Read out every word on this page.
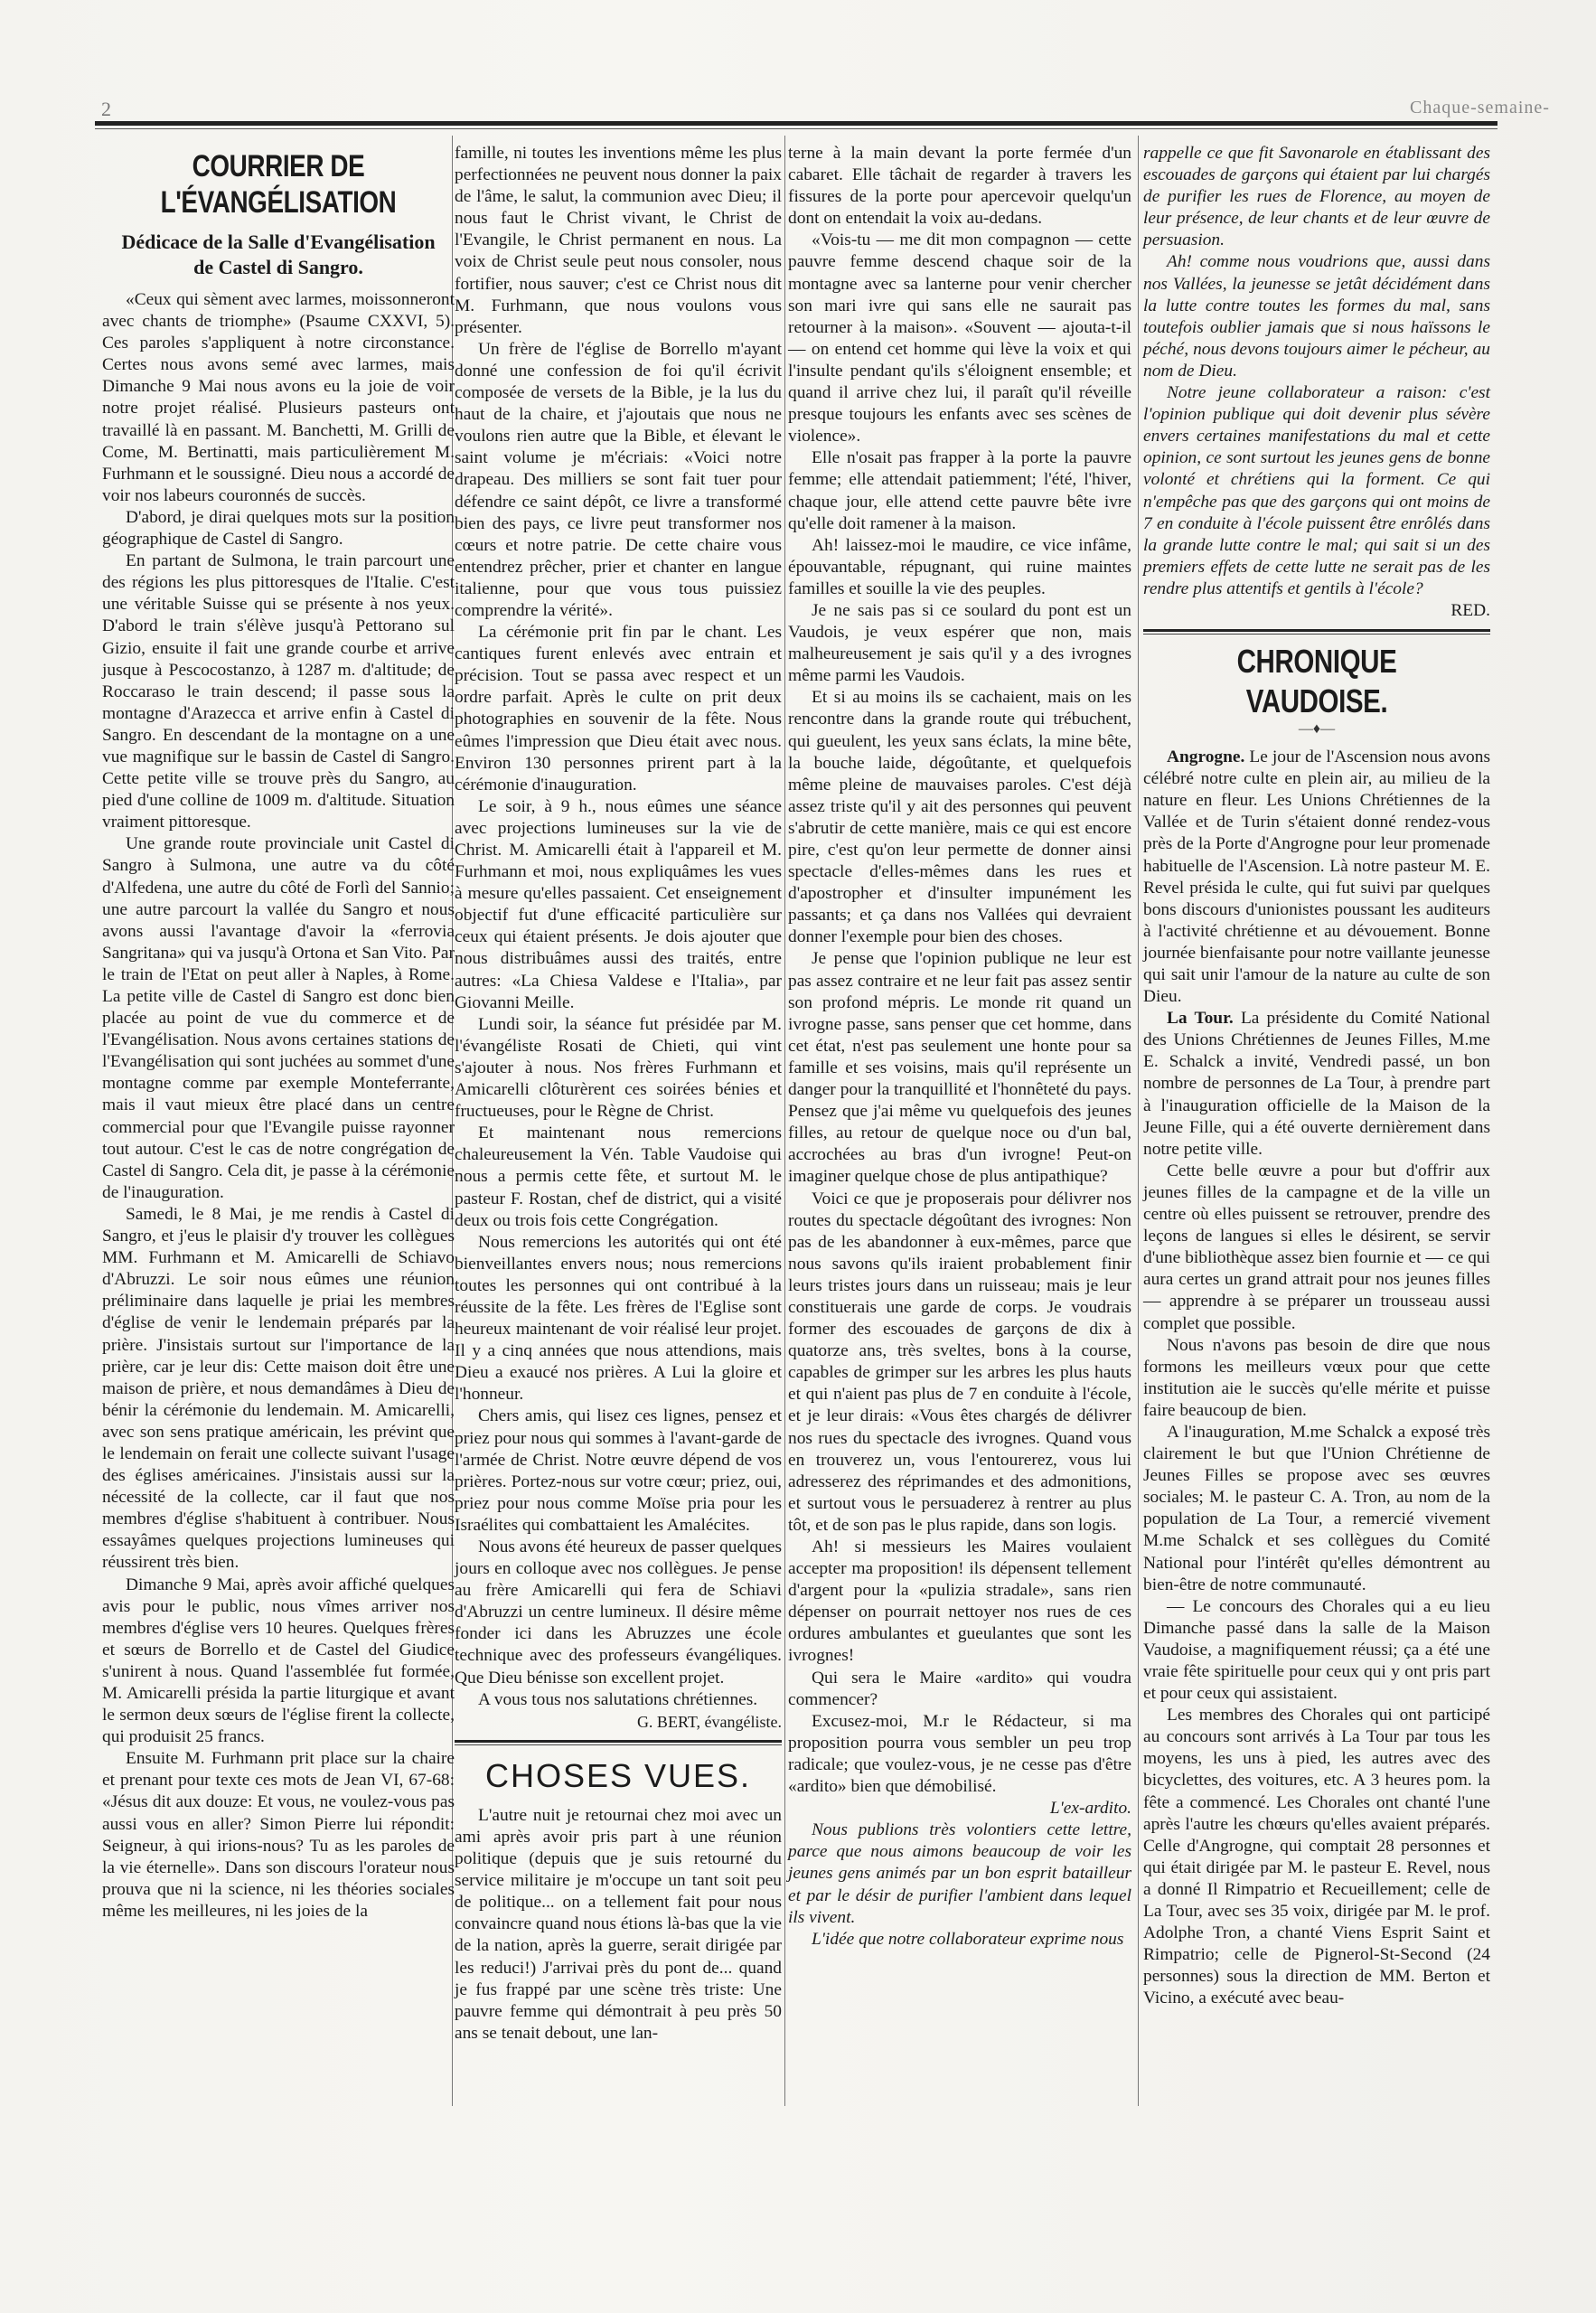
2	Chaque-semaine-
COURRIER DE L'ÉVANGÉLISATION
Dédicace de la Salle d'Evangélisation
de Castel di Sangro.

«Ceux qui sèment avec larmes, moissonneront avec chants de triomphe» (Psaume CXXVI, 5). Ces paroles s'appliquent à notre circonstance. Certes nous avons semé avec larmes, mais Dimanche 9 Mai nous avons eu la joie de voir notre projet réalisé. Plusieurs pasteurs ont travaillé là en passant. M. Banchetti, M. Grilli de Come, M. Bertinatti, mais particulièrement M. Furhmann et le soussigné. Dieu nous a accordé de voir nos labeurs couronnés de succès.

D'abord, je dirai quelques mots sur la position géographique de Castel di Sangro.

En partant de Sulmona, le train parcourt une des régions les plus pittoresques de l'Italie. C'est une véritable Suisse qui se présente à nos yeux. D'abord le train s'élève jusqu'à Pettorano sul Gizio, ensuite il fait une grande courbe et arrive jusque à Pescocostanzo, à 1287 m. d'altitude; de Roccaraso le train descend; il passe sous la montagne d'Arazecca et arrive enfin à Castel di Sangro. En descendant de la montagne on a une vue magnifique sur le bassin de Castel di Sangro. Cette petite ville se trouve près du Sangro, au pied d'une colline de 1009 m. d'altitude. Situation vraiment pittoresque.

Une grande route provinciale unit Castel di Sangro à Sulmona, une autre va du côté d'Alfedena, une autre du côté de Forlì del Sannio; une autre parcourt la vallée du Sangro et nous avons aussi l'avantage d'avoir la «ferrovia Sangritana» qui va jusqu'à Ortona et San Vito. Par le train de l'Etat on peut aller à Naples, à Rome. La petite ville de Castel di Sangro est donc bien placée au point de vue du commerce et de l'Evangélisation. Nous avons certaines stations de l'Evangélisation qui sont juchées au sommet d'une montagne comme par exemple Monteferrante, mais il vaut mieux être placé dans un centre commercial pour que l'Evangile puisse rayonner tout autour. C'est le cas de notre congrégation de Castel di Sangro. Cela dit, je passe à la cérémonie de l'inauguration.

Samedi, le 8 Mai, je me rendis à Castel di Sangro, et j'eus le plaisir d'y trouver les collègues MM. Furhmann et M. Amicarelli de Schiavo d'Abruzzi. Le soir nous eûmes une réunion préliminaire dans laquelle je priai les membres d'église de venir le lendemain préparés par la prière. J'insistais surtout sur l'importance de la prière, car je leur dis: Cette maison doit être une maison de prière, et nous demandâmes à Dieu de bénir la cérémonie du lendemain. M. Amicarelli, avec son sens pratique américain, les prévint que le lendemain on ferait une collecte suivant l'usage des églises américaines. J'insistais aussi sur la nécessité de la collecte, car il faut que nos membres d'église s'habituent à contribuer. Nous essayâmes quelques projections lumineuses qui réussirent très bien.

Dimanche 9 Mai, après avoir affiché quelques avis pour le public, nous vîmes arriver nos membres d'église vers 10 heures. Quelques frères et sœurs de Borrello et de Castel del Giudice s'unirent à nous. Quand l'assemblée fut formée, M. Amicarelli présida la partie liturgique et avant le sermon deux sœurs de l'église firent la collecte, qui produisit 25 francs.

Ensuite M. Furhmann prit place sur la chaire et prenant pour texte ces mots de Jean VI, 67-68: «Jésus dit aux douze: Et vous, ne voulez-vous pas aussi vous en aller? Simon Pierre lui répondit: Seigneur, à qui irions-nous? Tu as les paroles de la vie éternelle». Dans son discours l'orateur nous prouva que ni la science, ni les théories sociales même les meilleures, ni les joies de la

famille, ni toutes les inventions même les plus perfectionnées ne peuvent nous donner la paix de l'âme, le salut, la communion avec Dieu; il nous faut le Christ vivant, le Christ de l'Evangile, le Christ permanent en nous. La voix de Christ seule peut nous consoler, nous fortifier, nous sauver; c'est ce Christ nous dit M. Furhmann, que nous voulons vous présenter.

Un frère de l'église de Borrello m'ayant donné une confession de foi qu'il écrivit composée de versets de la Bible, je la lus du haut de la chaire, et j'ajoutais que nous ne voulons rien autre que la Bible, et élevant le saint volume je m'écriais: «Voici notre drapeau. Des milliers se sont fait tuer pour défendre ce saint dépôt, ce livre a transformé bien des pays, ce livre peut transformer nos cœurs et notre patrie. De cette chaire vous entendrez prêcher, prier et chanter en langue italienne, pour que vous tous puissiez comprendre la vérité».

La cérémonie prit fin par le chant. Les cantiques furent enlevés avec entrain et précision. Tout se passa avec respect et un ordre parfait. Après le culte on prit deux photographies en souvenir de la fête. Nous eûmes l'impression que Dieu était avec nous. Environ 130 personnes prirent part à la cérémonie d'inauguration.

Le soir, à 9 h., nous eûmes une séance avec projections lumineuses sur la vie de Christ. M. Amicarelli était à l'appareil et M. Furhmann et moi, nous expliquâmes les vues à mesure qu'elles passaient. Cet enseignement objectif fut d'une efficacité particulière sur ceux qui étaient présents. Je dois ajouter que nous distribuâmes aussi des traités, entre autres: «La Chiesa Valdese e l'Italia», par Giovanni Meille.

Lundi soir, la séance fut présidée par M. l'évangéliste Rosati de Chieti, qui vint s'ajouter à nous. Nos frères Furhmann et Amicarelli clôturèrent ces soirées bénies et fructueuses, pour le Règne de Christ.

Et maintenant nous remercions chaleureusement la Vén. Table Vaudoise qui nous a permis cette fête, et surtout M. le pasteur F. Rostan, chef de district, qui a visité deux ou trois fois cette Congrégation.

Nous remercions les autorités qui ont été bienveillantes envers nous; nous remercions toutes les personnes qui ont contribué à la réussite de la fête. Les frères de l'Eglise sont heureux maintenant de voir réalisé leur projet. Il y a cinq années que nous attendions, mais Dieu a exaucé nos prières. A Lui la gloire et l'honneur.

Chers amis, qui lisez ces lignes, pensez et priez pour nous qui sommes à l'avant-garde de l'armée de Christ. Notre œuvre dépend de vos prières. Portez-nous sur votre cœur; priez, oui, priez pour nous comme Moïse pria pour les Israélites qui combattaient les Amalécites.

Nous avons été heureux de passer quelques jours en colloque avec nos collègues. Je pense au frère Amicarelli qui fera de Schiavi d'Abruzzi un centre lumineux. Il désire même fonder ici dans les Abruzzes une école technique avec des professeurs évangéliques. Que Dieu bénisse son excellent projet.

A vous tous nos salutations chrétiennes.

G. BERT, évangéliste.

CHOSES VUES.

L'autre nuit je retournai chez moi avec un ami après avoir pris part à une réunion politique (depuis que je suis retourné du service militaire je m'occupe un tant soit peu de politique... on a tellement fait pour nous convaincre quand nous étions là-bas que la vie de la nation, après la guerre, serait dirigée par les reduci!) J'arrivai près du pont de... quand je fus frappé par une scène très triste: Une pauvre femme qui démontrait à peu près 50 ans se tenait debout, une lan-

terne à la main devant la porte fermée d'un cabaret. Elle tâchait de regarder à travers les fissures de la porte pour apercevoir quelqu'un dont on entendait la voix au-dedans.

«Vois-tu — me dit mon compagnon — cette pauvre femme descend chaque soir de la montagne avec sa lanterne pour venir chercher son mari ivre qui sans elle ne saurait pas retourner à la maison». «Souvent — ajouta-t-il — on entend cet homme qui lève la voix et qui l'insulte pendant qu'ils s'éloignent ensemble; et quand il arrive chez lui, il paraît qu'il réveille presque toujours les enfants avec ses scènes de violence».

Elle n'osait pas frapper à la porte la pauvre femme; elle attendait patiemment; l'été, l'hiver, chaque jour, elle attend cette pauvre bête ivre qu'elle doit ramener à la maison.

Ah! laissez-moi le maudire, ce vice infâme, épouvantable, répugnant, qui ruine maintes familles et souille la vie des peuples.

Je ne sais pas si ce soulard du pont est un Vaudois, je veux espérer que non, mais malheureusement je sais qu'il y a des ivrognes même parmi les Vaudois.

Et si au moins ils se cachaient, mais on les rencontre dans la grande route qui trébuchent, qui gueulent, les yeux sans éclats, la mine bête, la bouche laide, dégoûtante, et quelquefois même pleine de mauvaises paroles. C'est déjà assez triste qu'il y ait des personnes qui peuvent s'abrutir de cette manière, mais ce qui est encore pire, c'est qu'on leur permette de donner ainsi spectacle d'elles-mêmes dans les rues et d'apostropher et d'insulter impunément les passants; et ça dans nos Vallées qui devraient donner l'exemple pour bien des choses.

Je pense que l'opinion publique ne leur est pas assez contraire et ne leur fait pas assez sentir son profond mépris. Le monde rit quand un ivrogne passe, sans penser que cet homme, dans cet état, n'est pas seulement une honte pour sa famille et ses voisins, mais qu'il représente un danger pour la tranquillité et l'honnêteté du pays. Pensez que j'ai même vu quelquefois des jeunes filles, au retour de quelque noce ou d'un bal, accrochées au bras d'un ivrogne! Peut-on imaginer quelque chose de plus antipathique?

Voici ce que je proposerais pour délivrer nos routes du spectacle dégoûtant des ivrognes: Non pas de les abandonner à eux-mêmes, parce que nous savons qu'ils iraient probablement finir leurs tristes jours dans un ruisseau; mais je leur constituerais une garde de corps. Je voudrais former des escouades de garçons de dix à quatorze ans, très sveltes, bons à la course, capables de grimper sur les arbres les plus hauts et qui n'aient pas plus de 7 en conduite à l'école, et je leur dirais: «Vous êtes chargés de délivrer nos rues du spectacle des ivrognes. Quand vous en trouverez un, vous l'entourerez, vous lui adresserez des réprimandes et des admonitions, et surtout vous le persuaderez à rentrer au plus tôt, et de son pas le plus rapide, dans son logis.

Ah! si messieurs les Maires voulaient accepter ma proposition! ils dépensent tellement d'argent pour la «pulizia stradale», sans rien dépenser on pourrait nettoyer nos rues de ces ordures ambulantes et gueulantes que sont les ivrognes!

Qui sera le Maire «ardito» qui voudra commencer?

Excusez-moi, M.r le Rédacteur, si ma proposition pourra vous sembler un peu trop radicale; que voulez-vous, je ne cesse pas d'être «ardito» bien que démobilisé.

L'ex-ardito.

Nous publions très volontiers cette lettre, parce que nous aimons beaucoup de voir les jeunes gens animés par un bon esprit batailleur et par le désir de purifier l'ambient dans lequel ils vivent.

L'idée que notre collaborateur exprime nous

rappelle ce que fit Savonarole en établissant des escouades de garçons qui étaient par lui chargés de purifier les rues de Florence, au moyen de leur présence, de leur chants et de leur œuvre de persuasion.

Ah! comme nous voudrions que, aussi dans nos Vallées, la jeunesse se jetât décidément dans la lutte contre toutes les formes du mal, sans toutefois oublier jamais que si nous haïssons le péché, nous devons toujours aimer le pécheur, au nom de Dieu.

Notre jeune collaborateur a raison: c'est l'opinion publique qui doit devenir plus sévère envers certaines manifestations du mal et cette opinion, ce sont surtout les jeunes gens de bonne volonté et chrétiens qui la forment. Ce qui n'empêche pas que des garçons qui ont moins de 7 en conduite à l'école puissent être enrôlés dans la grande lutte contre le mal; qui sait si un des premiers effets de cette lutte ne serait pas de les rendre plus attentifs et gentils à l'école?

RED.

CHRONIQUE VAUDOISE.
—♦—

Angrogne. Le jour de l'Ascension nous avons célébré notre culte en plein air, au milieu de la nature en fleur. Les Unions Chrétiennes de la Vallée et de Turin s'étaient donné rendez-vous près de la Porte d'Angrogne pour leur promenade habituelle de l'Ascension. Là notre pasteur M. E. Revel présida le culte, qui fut suivi par quelques bons discours d'unionistes poussant les auditeurs à l'activité chrétienne et au dévouement. Bonne journée bienfaisante pour notre vaillante jeunesse qui sait unir l'amour de la nature au culte de son Dieu.

La Tour. La présidente du Comité National des Unions Chrétiennes de Jeunes Filles, M.me E. Schalck a invité, Vendredi passé, un bon nombre de personnes de La Tour, à prendre part à l'inauguration officielle de la Maison de la Jeune Fille, qui a été ouverte dernièrement dans notre petite ville.

Cette belle œuvre a pour but d'offrir aux jeunes filles de la campagne et de la ville un centre où elles puissent se retrouver, prendre des leçons de langues si elles le désirent, se servir d'une bibliothèque assez bien fournie et — ce qui aura certes un grand attrait pour nos jeunes filles — apprendre à se préparer un trousseau aussi complet que possible.

Nous n'avons pas besoin de dire que nous formons les meilleurs vœux pour que cette institution aie le succès qu'elle mérite et puisse faire beaucoup de bien.

A l'inauguration, M.me Schalck a exposé très clairement le but que l'Union Chrétienne de Jeunes Filles se propose avec ses œuvres sociales; M. le pasteur C. A. Tron, au nom de la population de La Tour, a remercié vivement M.me Schalck et ses collègues du Comité National pour l'intérêt qu'elles démontrent au bien-être de notre communauté.

— Le concours des Chorales qui a eu lieu Dimanche passé dans la salle de la Maison Vaudoise, a magnifiquement réussi; ça a été une vraie fête spirituelle pour ceux qui y ont pris part et pour ceux qui assistaient.

Les membres des Chorales qui ont participé au concours sont arrivés à La Tour par tous les moyens, les uns à pied, les autres avec des bicyclettes, des voitures, etc. A 3 heures pom. la fête a commencé. Les Chorales ont chanté l'une après l'autre les chœurs qu'elles avaient préparés. Celle d'Angrogne, qui comptait 28 personnes et qui était dirigée par M. le pasteur E. Revel, nous a donné Il Rimpatrio et Recueillement; celle de La Tour, avec ses 35 voix, dirigée par M. le prof. Adolphe Tron, a chanté Viens Esprit Saint et Rimpatrio; celle de Pignerol-St-Second (24 personnes) sous la direction de MM. Berton et Vicino, a exécuté avec beau-
